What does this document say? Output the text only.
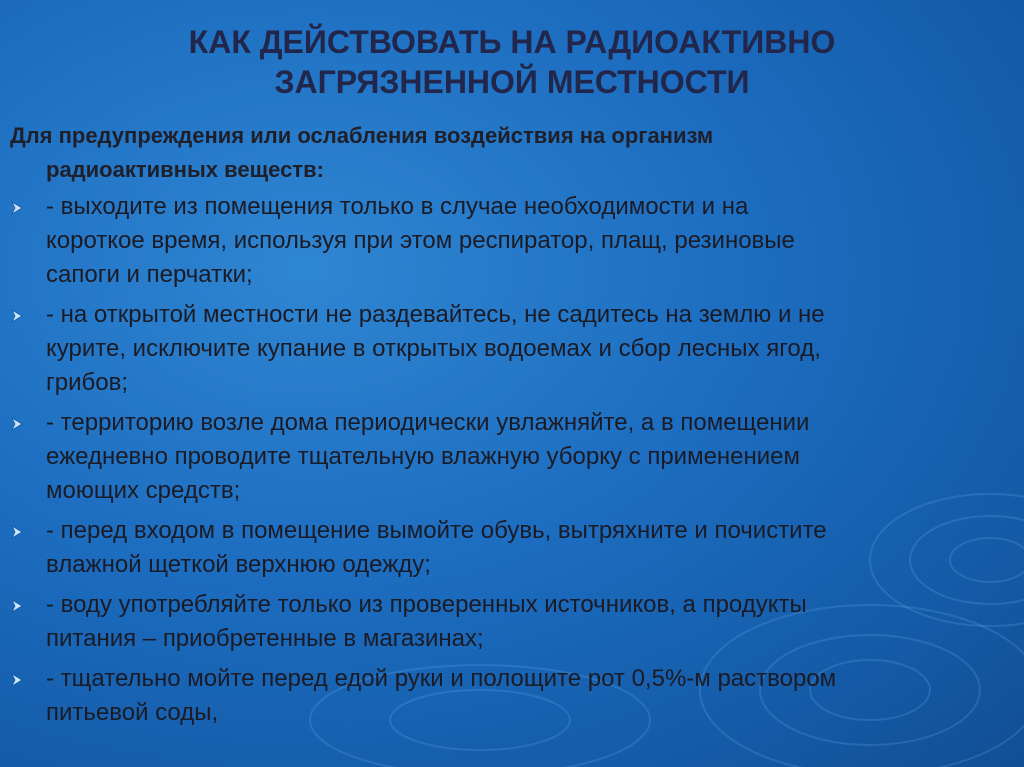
КАК ДЕЙСТВОВАТЬ НА РАДИОАКТИВНО
ЗАГРЯЗНЕННОЙ МЕСТНОСТИ
Для предупреждения или ослабления воздействия на организм
радиоактивных веществ:
- выходите из помещения только в случае необходимости и на
короткое время, используя при этом респиратор, плащ, резиновые
сапоги и перчатки;
- на открытой местности не раздевайтесь, не садитесь на землю и не
курите, исключите купание в открытых водоемах и сбор лесных ягод,
грибов;
- территорию возле дома периодически увлажняйте, а в помещении
ежедневно проводите тщательную влажную уборку с применением
моющих средств;
- перед входом в помещение вымойте обувь, вытряхните и почистите
влажной щеткой верхнюю одежду;
- воду употребляйте только из проверенных источников, а продукты
питания – приобретенные в магазинах;
- тщательно мойте перед едой руки и полощите рот 0,5%-м раствором
питьевой соды,
